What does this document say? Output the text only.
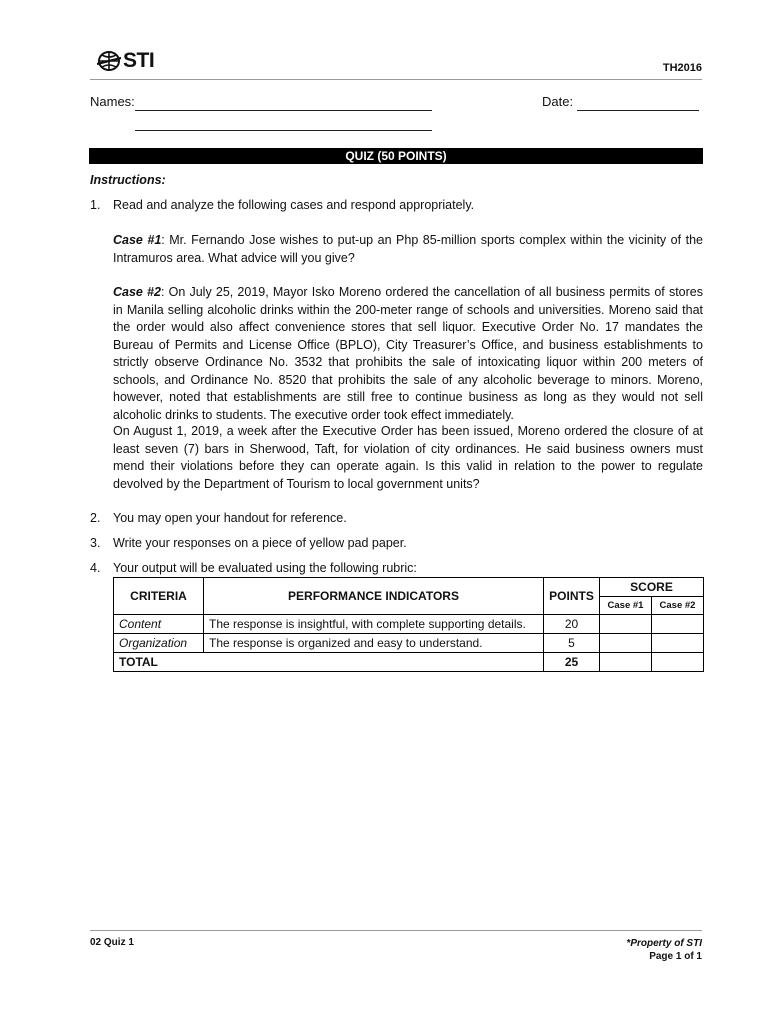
STI	TH2016
Names:	Date:
QUIZ (50 POINTS)
Instructions:
1.	Read and analyze the following cases and respond appropriately.
Case #1: Mr. Fernando Jose wishes to put-up an Php 85-million sports complex within the vicinity of the Intramuros area. What advice will you give?
Case #2: On July 25, 2019, Mayor Isko Moreno ordered the cancellation of all business permits of stores in Manila selling alcoholic drinks within the 200-meter range of schools and universities. Moreno said that the order would also affect convenience stores that sell liquor. Executive Order No. 17 mandates the Bureau of Permits and License Office (BPLO), City Treasurer’s Office, and business establishments to strictly observe Ordinance No. 3532 that prohibits the sale of intoxicating liquor within 200 meters of schools, and Ordinance No. 8520 that prohibits the sale of any alcoholic beverage to minors. Moreno, however, noted that establishments are still free to continue business as long as they would not sell alcoholic drinks to students. The executive order took effect immediately.
On August 1, 2019, a week after the Executive Order has been issued, Moreno ordered the closure of at least seven (7) bars in Sherwood, Taft, for violation of city ordinances. He said business owners must mend their violations before they can operate again. Is this valid in relation to the power to regulate devolved by the Department of Tourism to local government units?
2.	You may open your handout for reference.
3.	Write your responses on a piece of yellow pad paper.
4.	Your output will be evaluated using the following rubric:
CRITERIA	PERFORMANCE INDICATORS	POINTS	SCORE	
			Case #1	Case #2
Content	The response is insightful, with complete supporting details.	20		
Organization	The response is organized and easy to understand.	5		
TOTAL		25		
02 Quiz 1	*Property of STI
Page 1 of 1
